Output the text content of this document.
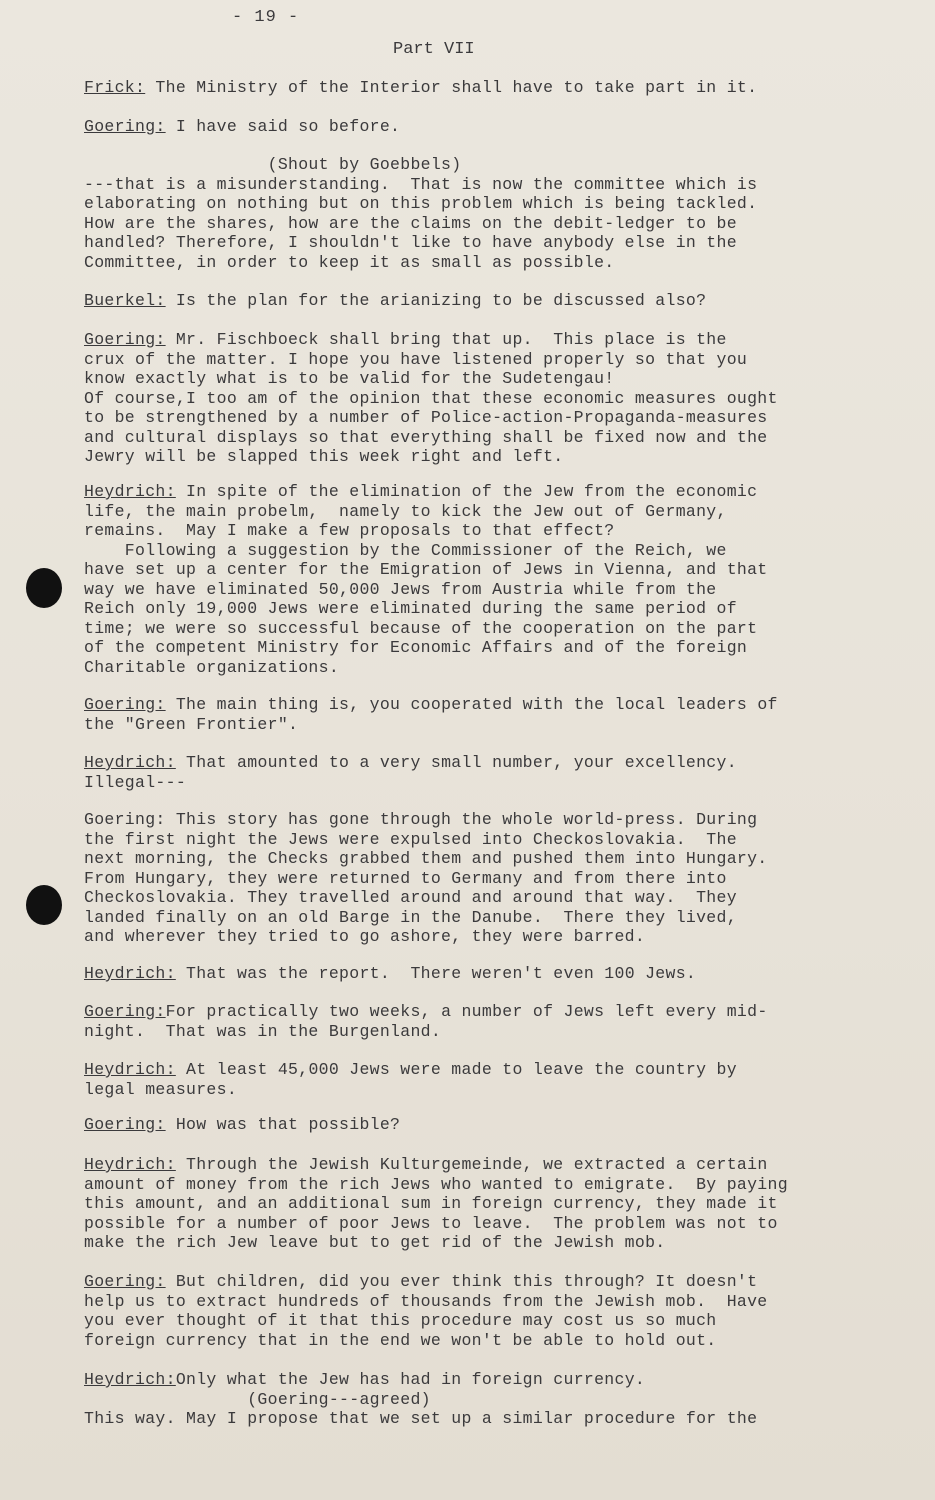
- 19 -
Part VII
Frick: The Ministry of the Interior shall have to take part in it.
Goering: I have said so before.
(Shout by Goebbels)
---that is a misunderstanding.  That is now the committee which is
elaborating on nothing but on this problem which is being tackled.
How are the shares, how are the claims on the debit-ledger to be
handled? Therefore, I shouldn't like to have anybody else in the
Committee, in order to keep it as small as possible.
Buerkel: Is the plan for the arianizing to be discussed also?
Goering: Mr. Fischboeck shall bring that up.  This place is the
crux of the matter. I hope you have listened properly so that you
know exactly what is to be valid for the Sudetengau!
Of course,I too am of the opinion that these economic measures ought
to be strengthened by a number of Police-action-Propaganda-measures
and cultural displays so that everything shall be fixed now and the
Jewry will be slapped this week right and left.
Heydrich: In spite of the elimination of the Jew from the economic
life, the main probelm,  namely to kick the Jew out of Germany,
remains.  May I make a few proposals to that effect?
Following a suggestion by the Commissioner of the Reich, we
have set up a center for the Emigration of Jews in Vienna, and that
way we have eliminated 50,000 Jews from Austria while from the
Reich only 19,000 Jews were eliminated during the same period of
time; we were so successful because of the cooperation on the part
of the competent Ministry for Economic Affairs and of the foreign
Charitable organizations.
Goering: The main thing is, you cooperated with the local leaders of
the "Green Frontier".
Heydrich: That amounted to a very small number, your excellency.
Illegal---
Goering: This story has gone through the whole world-press. During
the first night the Jews were expulsed into Checkoslovakia.  The
next morning, the Checks grabbed them and pushed them into Hungary.
From Hungary, they were returned to Germany and from there into
Checkoslovakia. They travelled around and around that way.  They
landed finally on an old Barge in the Danube.  There they lived,
and wherever they tried to go ashore, they were barred.
Heydrich: That was the report.  There weren't even 100 Jews.
Goering:For practically two weeks, a number of Jews left every mid-
night.  That was in the Burgenland.
Heydrich: At least 45,000 Jews were made to leave the country by
legal measures.
Goering: How was that possible?
Heydrich: Through the Jewish Kulturgemeinde, we extracted a certain
amount of money from the rich Jews who wanted to emigrate.  By paying
this amount, and an additional sum in foreign currency, they made it
possible for a number of poor Jews to leave.  The problem was not to
make the rich Jew leave but to get rid of the Jewish mob.
Goering: But children, did you ever think this through? It doesn't
help us to extract hundreds of thousands from the Jewish mob.  Have
you ever thought of it that this procedure may cost us so much
foreign currency that in the end we won't be able to hold out.
Heydrich:Only what the Jew has had in foreign currency.
(Goering---agreed)
This way. May I propose that we set up a similar procedure for the
